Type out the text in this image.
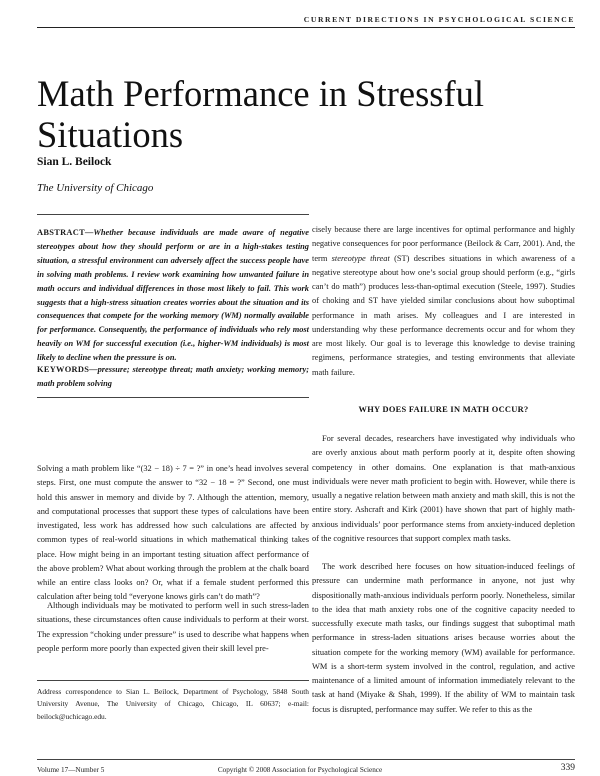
CURRENT DIRECTIONS IN PSYCHOLOGICAL SCIENCE
Math Performance in Stressful Situations
Sian L. Beilock
The University of Chicago

ABSTRACT—Whether because individuals are made aware of negative stereotypes about how they should perform or are in a high-stakes testing situation, a stressful environment can adversely affect the success people have in solving math problems. I review work examining how unwanted failure in math occurs and individual differences in those most likely to fail. This work suggests that a high-stress situation creates worries about the situation and its consequences that compete for the working memory (WM) normally available for performance. Consequently, the performance of individuals who rely most heavily on WM for successful execution (i.e., higher-WM individuals) is most likely to decline when the pressure is on.

KEYWORDS—pressure; stereotype threat; math anxiety; working memory; math problem solving

Solving a math problem like “(32 − 18) ÷ 7 = ?” in one’s head involves several steps. First, one must compute the answer to “32 − 18 = ?” Second, one must hold this answer in memory and divide by 7. Although the attention, memory, and computational processes that support these types of calculations have been investigated, less work has addressed how such calculations are affected by common types of real-world situations in which mathematical thinking takes place. How might being in an important testing situation affect performance of the above problem? What about working through the problem at the chalk board while an entire class looks on? Or, what if a female student performed this calculation after being told “everyone knows girls can’t do math”?

Although individuals may be motivated to perform well in such stress-laden situations, these circumstances often cause individuals to perform at their worst. The expression “choking under pressure” is used to describe what happens when people perform more poorly than expected given their skill level pre-

cisely because there are large incentives for optimal performance and highly negative consequences for poor performance (Beilock & Carr, 2001). And, the term stereotype threat (ST) describes situations in which awareness of a negative stereotype about how one’s social group should perform (e.g., “girls can’t do math”) produces less-than-optimal execution (Steele, 1997). Studies of choking and ST have yielded similar conclusions about how suboptimal performance in math arises. My colleagues and I are interested in understanding why these performance decrements occur and for whom they are most likely. Our goal is to leverage this knowledge to devise training regimens, performance strategies, and testing environments that alleviate math failure.

WHY DOES FAILURE IN MATH OCCUR?

For several decades, researchers have investigated why individuals who are overly anxious about math perform poorly at it, despite often showing competency in other domains. One explanation is that math-anxious individuals were never math proficient to begin with. However, while there is usually a negative relation between math anxiety and math skill, this is not the entire story. Ashcraft and Kirk (2001) have shown that part of highly math-anxious individuals’ poor performance stems from anxiety-induced depletion of the cognitive resources that support complex math tasks.

The work described here focuses on how situation-induced feelings of pressure can undermine math performance in anyone, not just why dispositionally math-anxious individuals perform poorly. Nonetheless, similar to the idea that math anxiety robs one of the cognitive capacity needed to successfully execute math tasks, our findings suggest that suboptimal math performance in stress-laden situations arises because worries about the situation compete for the working memory (WM) available for performance. WM is a short-term system involved in the control, regulation, and active maintenance of a limited amount of information immediately relevant to the task at hand (Miyake & Shah, 1999). If the ability of WM to maintain task focus is disrupted, performance may suffer. We refer to this as the

Address correspondence to Sian L. Beilock, Department of Psychology, 5848 South University Avenue, The University of Chicago, Chicago, IL 60637; e-mail: beilock@uchicago.edu.

Volume 17—Number 5	Copyright © 2008 Association for Psychological Science	339
